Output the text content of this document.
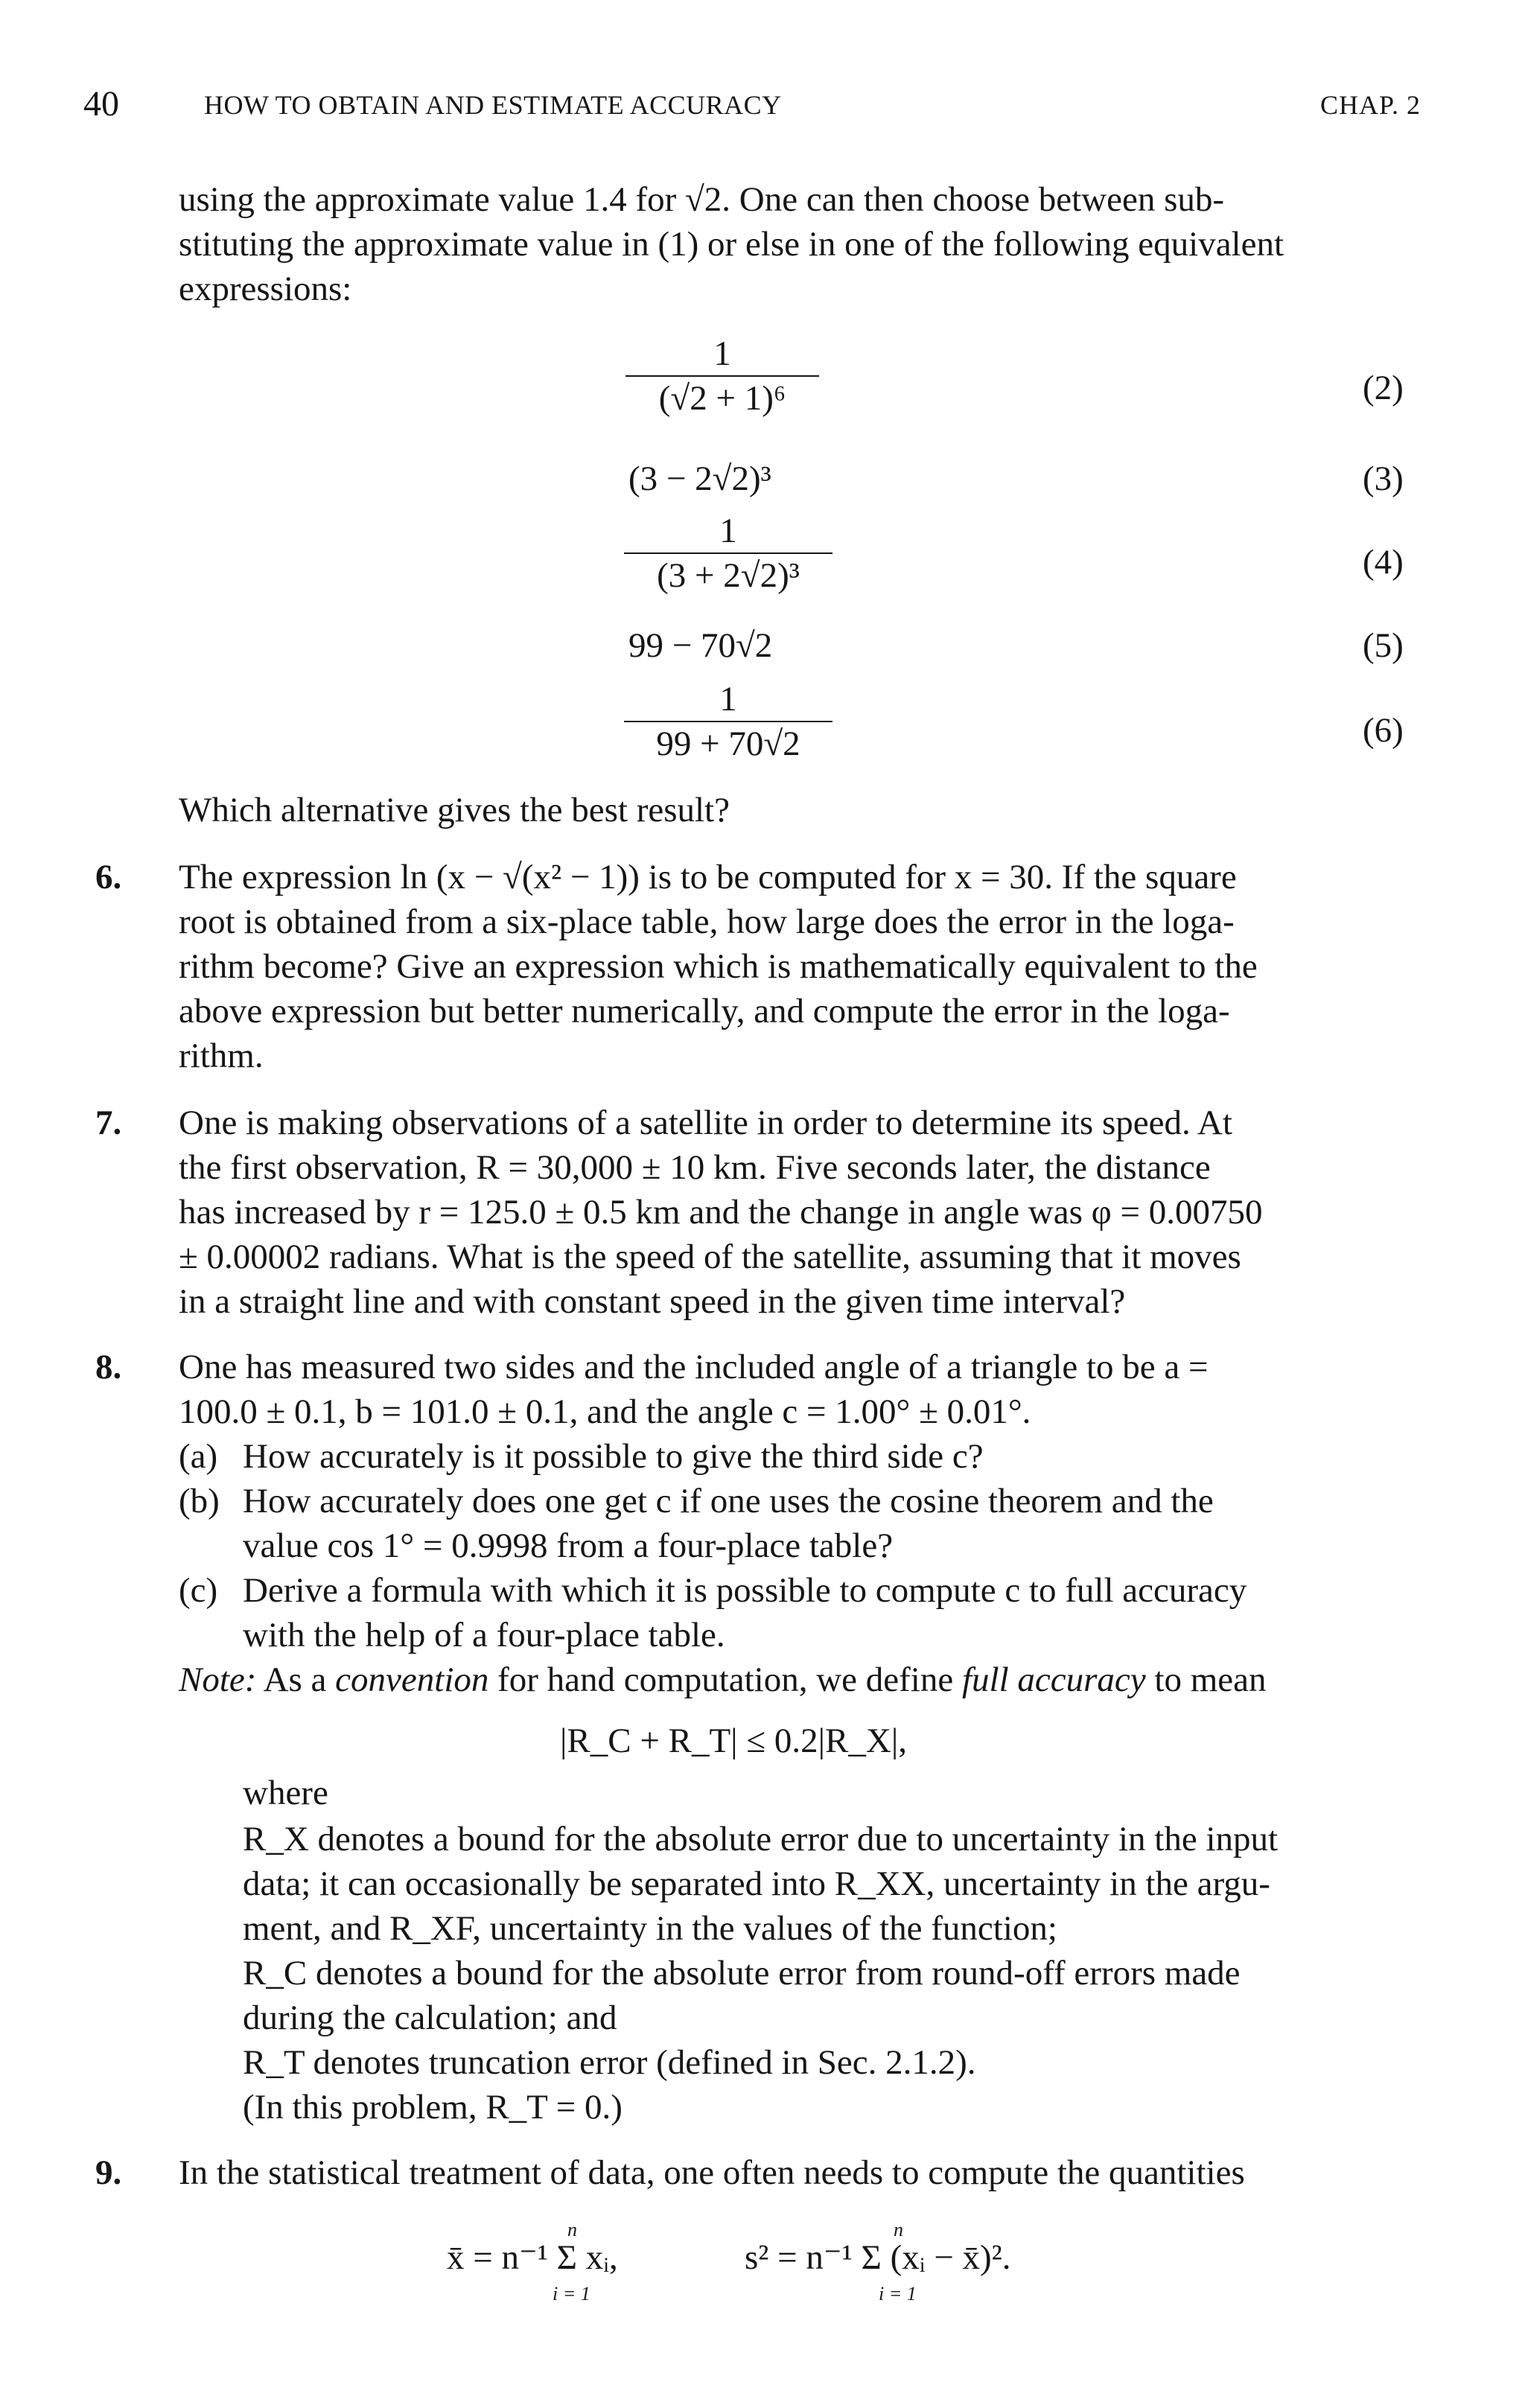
40	HOW TO OBTAIN AND ESTIMATE ACCURACY	CHAP. 2
using the approximate value 1.4 for √2. One can then choose between sub-
stituting the approximate value in (1) or else in one of the following equivalent
expressions:
1
(√2 + 1)⁶	(2)
(3 − 2√2)³	(3)
1
(3 + 2√2)³	(4)
99 − 70√2	(5)
1
99 + 70√2	(6)
Which alternative gives the best result?
6. The expression ln (x − √(x² − 1)) is to be computed for x = 30. If the square
root is obtained from a six-place table, how large does the error in the loga-
rithm become? Give an expression which is mathematically equivalent to the
above expression but better numerically, and compute the error in the loga-
rithm.
7. One is making observations of a satellite in order to determine its speed. At
the first observation, R = 30,000 ± 10 km. Five seconds later, the distance
has increased by r = 125.0 ± 0.5 km and the change in angle was φ = 0.00750
± 0.00002 radians. What is the speed of the satellite, assuming that it moves
in a straight line and with constant speed in the given time interval?
8. One has measured two sides and the included angle of a triangle to be a =
100.0 ± 0.1, b = 101.0 ± 0.1, and the angle c = 1.00° ± 0.01°.
(a) How accurately is it possible to give the third side c?
(b) How accurately does one get c if one uses the cosine theorem and the
value cos 1° = 0.9998 from a four-place table?
(c) Derive a formula with which it is possible to compute c to full accuracy
with the help of a four-place table.
Note: As a convention for hand computation, we define full accuracy to mean
|R_C + R_T| ≤ 0.2|R_X|,
where
R_X denotes a bound for the absolute error due to uncertainty in the input
data; it can occasionally be separated into R_XX, uncertainty in the argu-
ment, and R_XF, uncertainty in the values of the function;
R_C denotes a bound for the absolute error from round-off errors made
during the calculation; and
R_T denotes truncation error (defined in Sec. 2.1.2).
(In this problem, R_T = 0.)
9. In the statistical treatment of data, one often needs to compute the quantities
x̄ = n⁻¹ Σ xᵢ,
n
i = 1
s² = n⁻¹ Σ (xᵢ − x̄)².
n
i = 1
